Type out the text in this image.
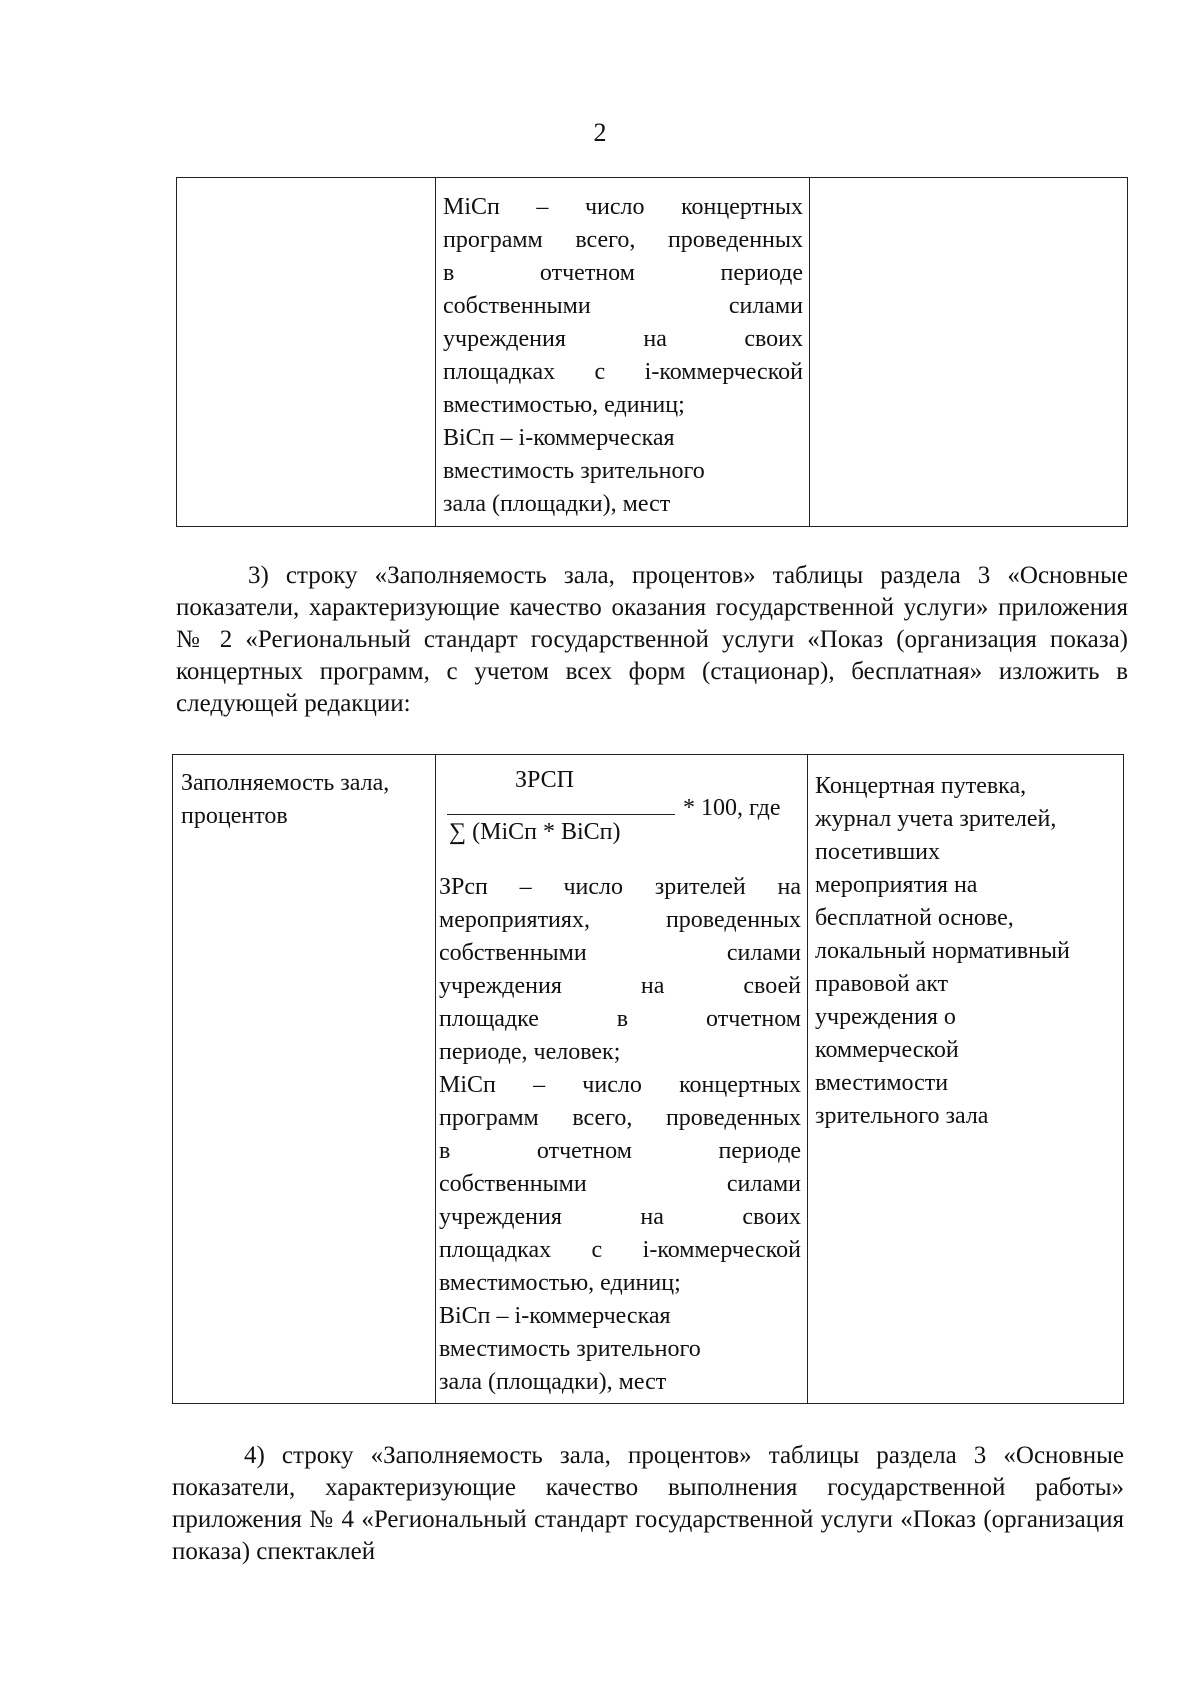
2
МiСп – число концертных
программ всего, проведенных
в отчетном периоде
собственными силами
учреждения на своих
площадках с i-коммерческой
вместимостью, единиц;
ВiСп – i-коммерческая
вместимость зрительного
зала (площадки), мест

3) строку «Заполняемость зала, процентов» таблицы раздела 3 «Основные показатели, характеризующие качество оказания государственной услуги» приложения № 2 «Региональный стандарт государственной услуги «Показ (организация показа) концертных программ, с учетом всех форм (стационар), бесплатная» изложить в следующей редакции:

Заполняемость зала, процентов
ЗРСП
∑ (МiСп * ВiСп)
* 100, где
ЗРсп – число зрителей на
мероприятиях, проведенных
собственными силами
учреждения на своей
площадке в отчетном
периоде, человек;
МiСп – число концертных
программ всего, проведенных
в отчетном периоде
собственными силами
учреждения на своих
площадках с i-коммерческой
вместимостью, единиц;
ВiСп – i-коммерческая
вместимость зрительного
зала (площадки), мест
Концертная путевка,
журнал учета зрителей,
посетивших
мероприятия на
бесплатной основе,
локальный нормативный
правовой акт
учреждения о
коммерческой
вместимости
зрительного зала

4) строку «Заполняемость зала, процентов» таблицы раздела 3 «Основные показатели, характеризующие качество выполнения государственной работы» приложения № 4 «Региональный стандарт государственной услуги «Показ (организация показа) спектаклей
